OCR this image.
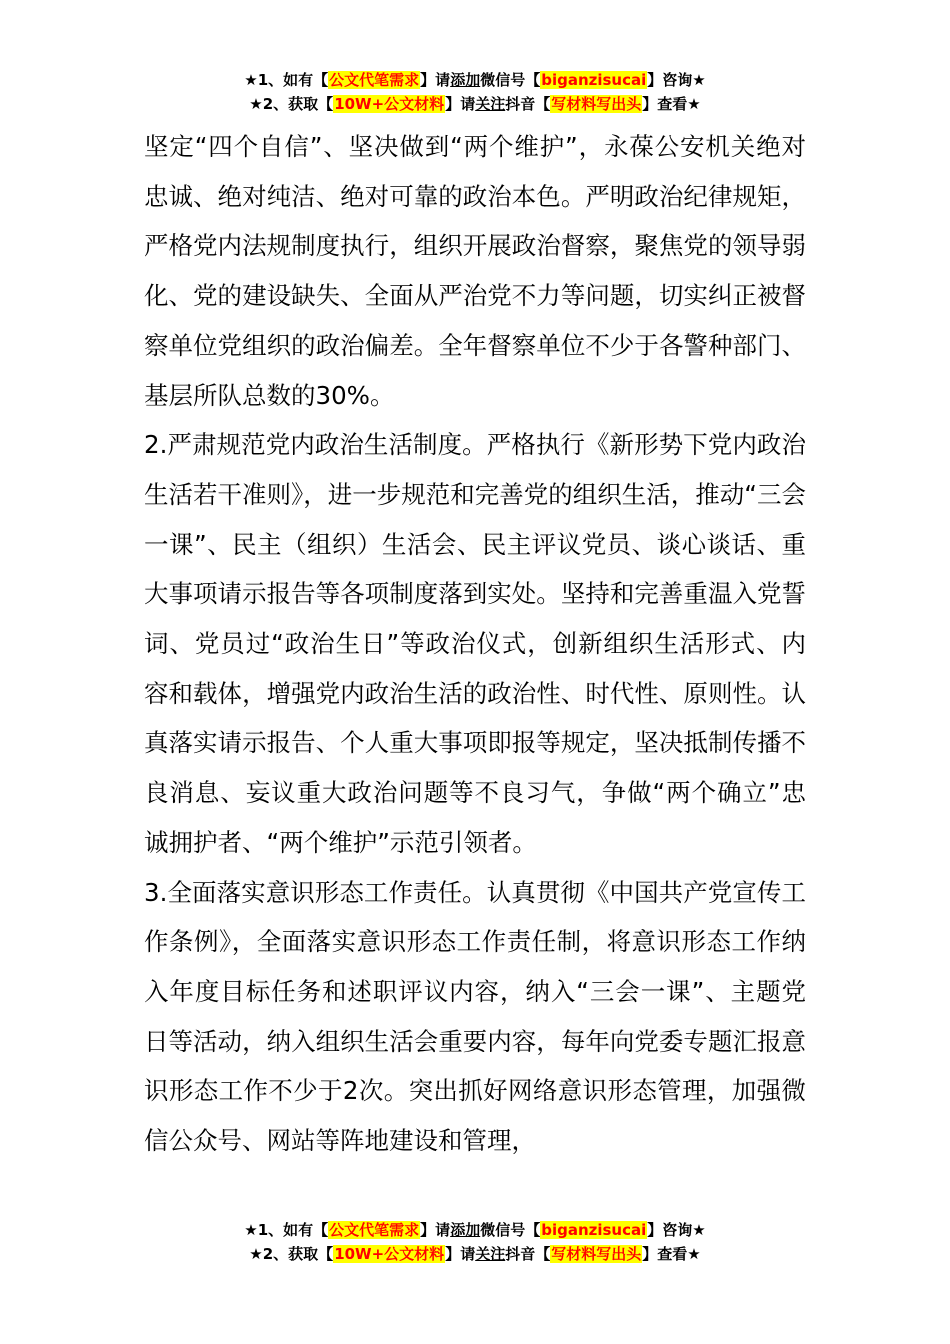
★1、如有【公文代笔需求】请添加微信号【biganzisucai】咨询★
★2、获取【10W+公文材料】请关注抖音【写材料写出头】查看★

坚定“四个自信”、坚决做到“两个维护”，永葆公安机关绝对忠诚、绝对纯洁、绝对可靠的政治本色。严明政治纪律规矩，严格党内法规制度执行，组织开展政治督察，聚焦党的领导弱化、党的建设缺失、全面从严治党不力等问题，切实纠正被督察单位党组织的政治偏差。全年督察单位不少于各警种部门、基层所队总数的30%。

2.严肃规范党内政治生活制度。严格执行《新形势下党内政治生活若干准则》，进一步规范和完善党的组织生活，推动“三会一课”、民主（组织）生活会、民主评议党员、谈心谈话、重大事项请示报告等各项制度落到实处。坚持和完善重温入党誓词、党员过“政治生日”等政治仪式，创新组织生活形式、内容和载体，增强党内政治生活的政治性、时代性、原则性。认真落实请示报告、个人重大事项即报等规定，坚决抵制传播不良消息、妄议重大政治问题等不良习气，争做“两个确立”忠诚拥护者、“两个维护”示范引领者。

3.全面落实意识形态工作责任。认真贯彻《中国共产党宣传工作条例》，全面落实意识形态工作责任制，将意识形态工作纳入年度目标任务和述职评议内容，纳入“三会一课”、主题党日等活动，纳入组织生活会重要内容，每年向党委专题汇报意识形态工作不少于2次。突出抓好网络意识形态管理，加强微信公众号、网站等阵地建设和管理，

★1、如有【公文代笔需求】请添加微信号【biganzisucai】咨询★
★2、获取【10W+公文材料】请关注抖音【写材料写出头】查看★
